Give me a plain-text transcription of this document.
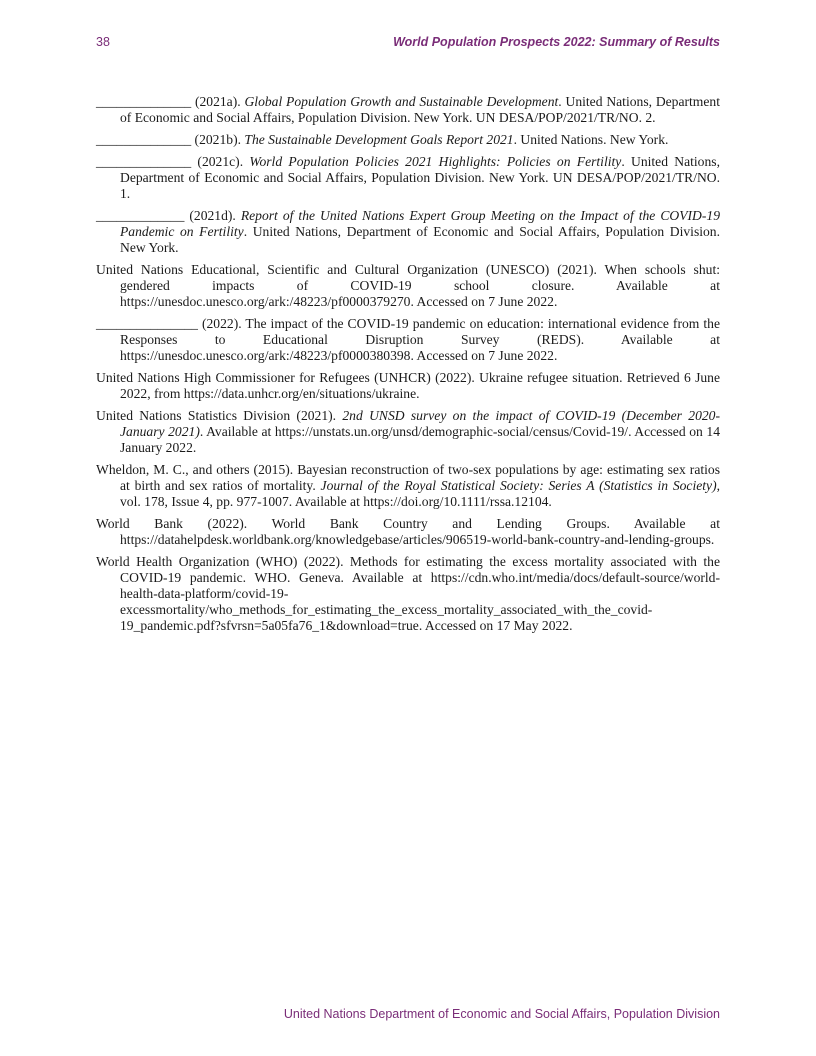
38	World Population Prospects 2022: Summary of Results

______________ (2021a). Global Population Growth and Sustainable Development. United Nations, Department of Economic and Social Affairs, Population Division. New York. UN DESA/POP/2021/TR/NO. 2.

______________ (2021b). The Sustainable Development Goals Report 2021. United Nations. New York.

______________ (2021c). World Population Policies 2021 Highlights: Policies on Fertility. United Nations, Department of Economic and Social Affairs, Population Division. New York. UN DESA/POP/2021/TR/NO. 1.

_____________ (2021d). Report of the United Nations Expert Group Meeting on the Impact of the COVID-19 Pandemic on Fertility. United Nations, Department of Economic and Social Affairs, Population Division. New York.

United Nations Educational, Scientific and Cultural Organization (UNESCO) (2021). When schools shut: gendered impacts of COVID-19 school closure. Available at https://unesdoc.unesco.org/ark:/48223/pf0000379270. Accessed on 7 June 2022.

_______________ (2022). The impact of the COVID-19 pandemic on education: international evidence from the Responses to Educational Disruption Survey (REDS). Available at https://unesdoc.unesco.org/ark:/48223/pf0000380398. Accessed on 7 June 2022.

United Nations High Commissioner for Refugees (UNHCR) (2022). Ukraine refugee situation. Retrieved 6 June 2022, from https://data.unhcr.org/en/situations/ukraine.

United Nations Statistics Division (2021). 2nd UNSD survey on the impact of COVID-19 (December 2020-January 2021). Available at https://unstats.un.org/unsd/demographic-social/census/Covid-19/. Accessed on 14 January 2022.

Wheldon, M. C., and others (2015). Bayesian reconstruction of two-sex populations by age: estimating sex ratios at birth and sex ratios of mortality. Journal of the Royal Statistical Society: Series A (Statistics in Society), vol. 178, Issue 4, pp. 977-1007. Available at https://doi.org/10.1111/rssa.12104.

World Bank (2022). World Bank Country and Lending Groups. Available at https://datahelpdesk.worldbank.org/knowledgebase/articles/906519-world-bank-country-and-lending-groups.

World Health Organization (WHO) (2022). Methods for estimating the excess mortality associated with the COVID-19 pandemic. WHO. Geneva. Available at https://cdn.who.int/media/docs/default-source/world-health-data-platform/covid-19-excessmortality/who_methods_for_estimating_the_excess_mortality_associated_with_the_covid-19_pandemic.pdf?sfvrsn=5a05fa76_1&download=true. Accessed on 17 May 2022.

United Nations Department of Economic and Social Affairs, Population Division
